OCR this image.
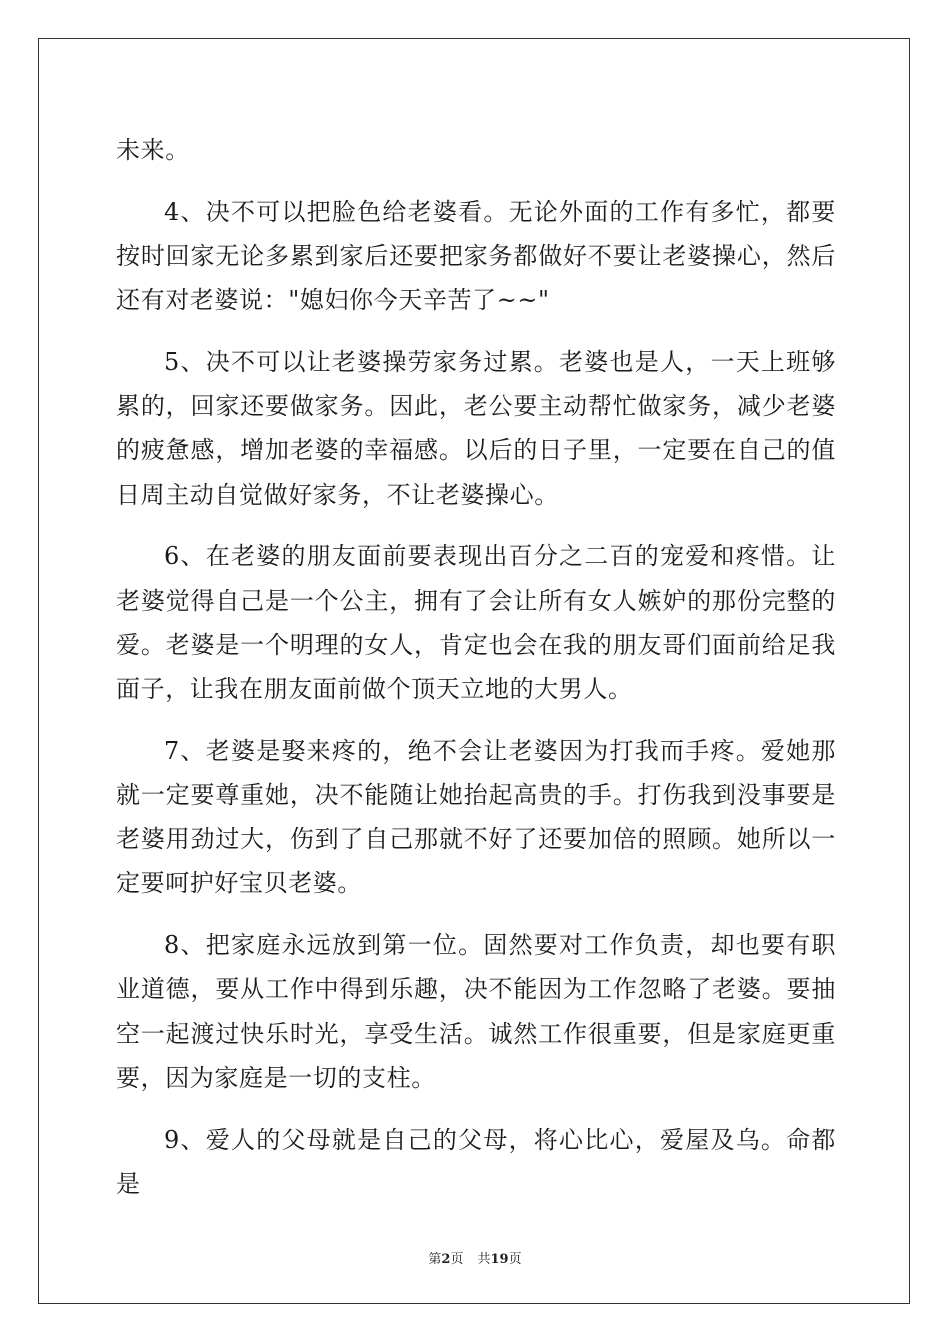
未来。

4、决不可以把脸色给老婆看。无论外面的工作有多忙，都要按时回家无论多累到家后还要把家务都做好不要让老婆操心，然后还有对老婆说："媳妇你今天辛苦了~~"

5、决不可以让老婆操劳家务过累。老婆也是人，一天上班够累的，回家还要做家务。因此，老公要主动帮忙做家务，减少老婆的疲惫感，增加老婆的幸福感。以后的日子里，一定要在自己的值日周主动自觉做好家务，不让老婆操心。

6、在老婆的朋友面前要表现出百分之二百的宠爱和疼惜。让老婆觉得自己是一个公主，拥有了会让所有女人嫉妒的那份完整的爱。老婆是一个明理的女人，肯定也会在我的朋友哥们面前给足我面子，让我在朋友面前做个顶天立地的大男人。

7、老婆是娶来疼的，绝不会让老婆因为打我而手疼。爱她那就一定要尊重她，决不能随让她抬起高贵的手。打伤我到没事要是老婆用劲过大，伤到了自己那就不好了还要加倍的照顾。她所以一定要呵护好宝贝老婆。

8、把家庭永远放到第一位。固然要对工作负责，却也要有职业道德，要从工作中得到乐趣，决不能因为工作忽略了老婆。要抽空一起渡过快乐时光，享受生活。诚然工作很重要，但是家庭更重要，因为家庭是一切的支柱。

9、爱人的父母就是自己的父母，将心比心，爱屋及乌。命都是

第2页 共19页
